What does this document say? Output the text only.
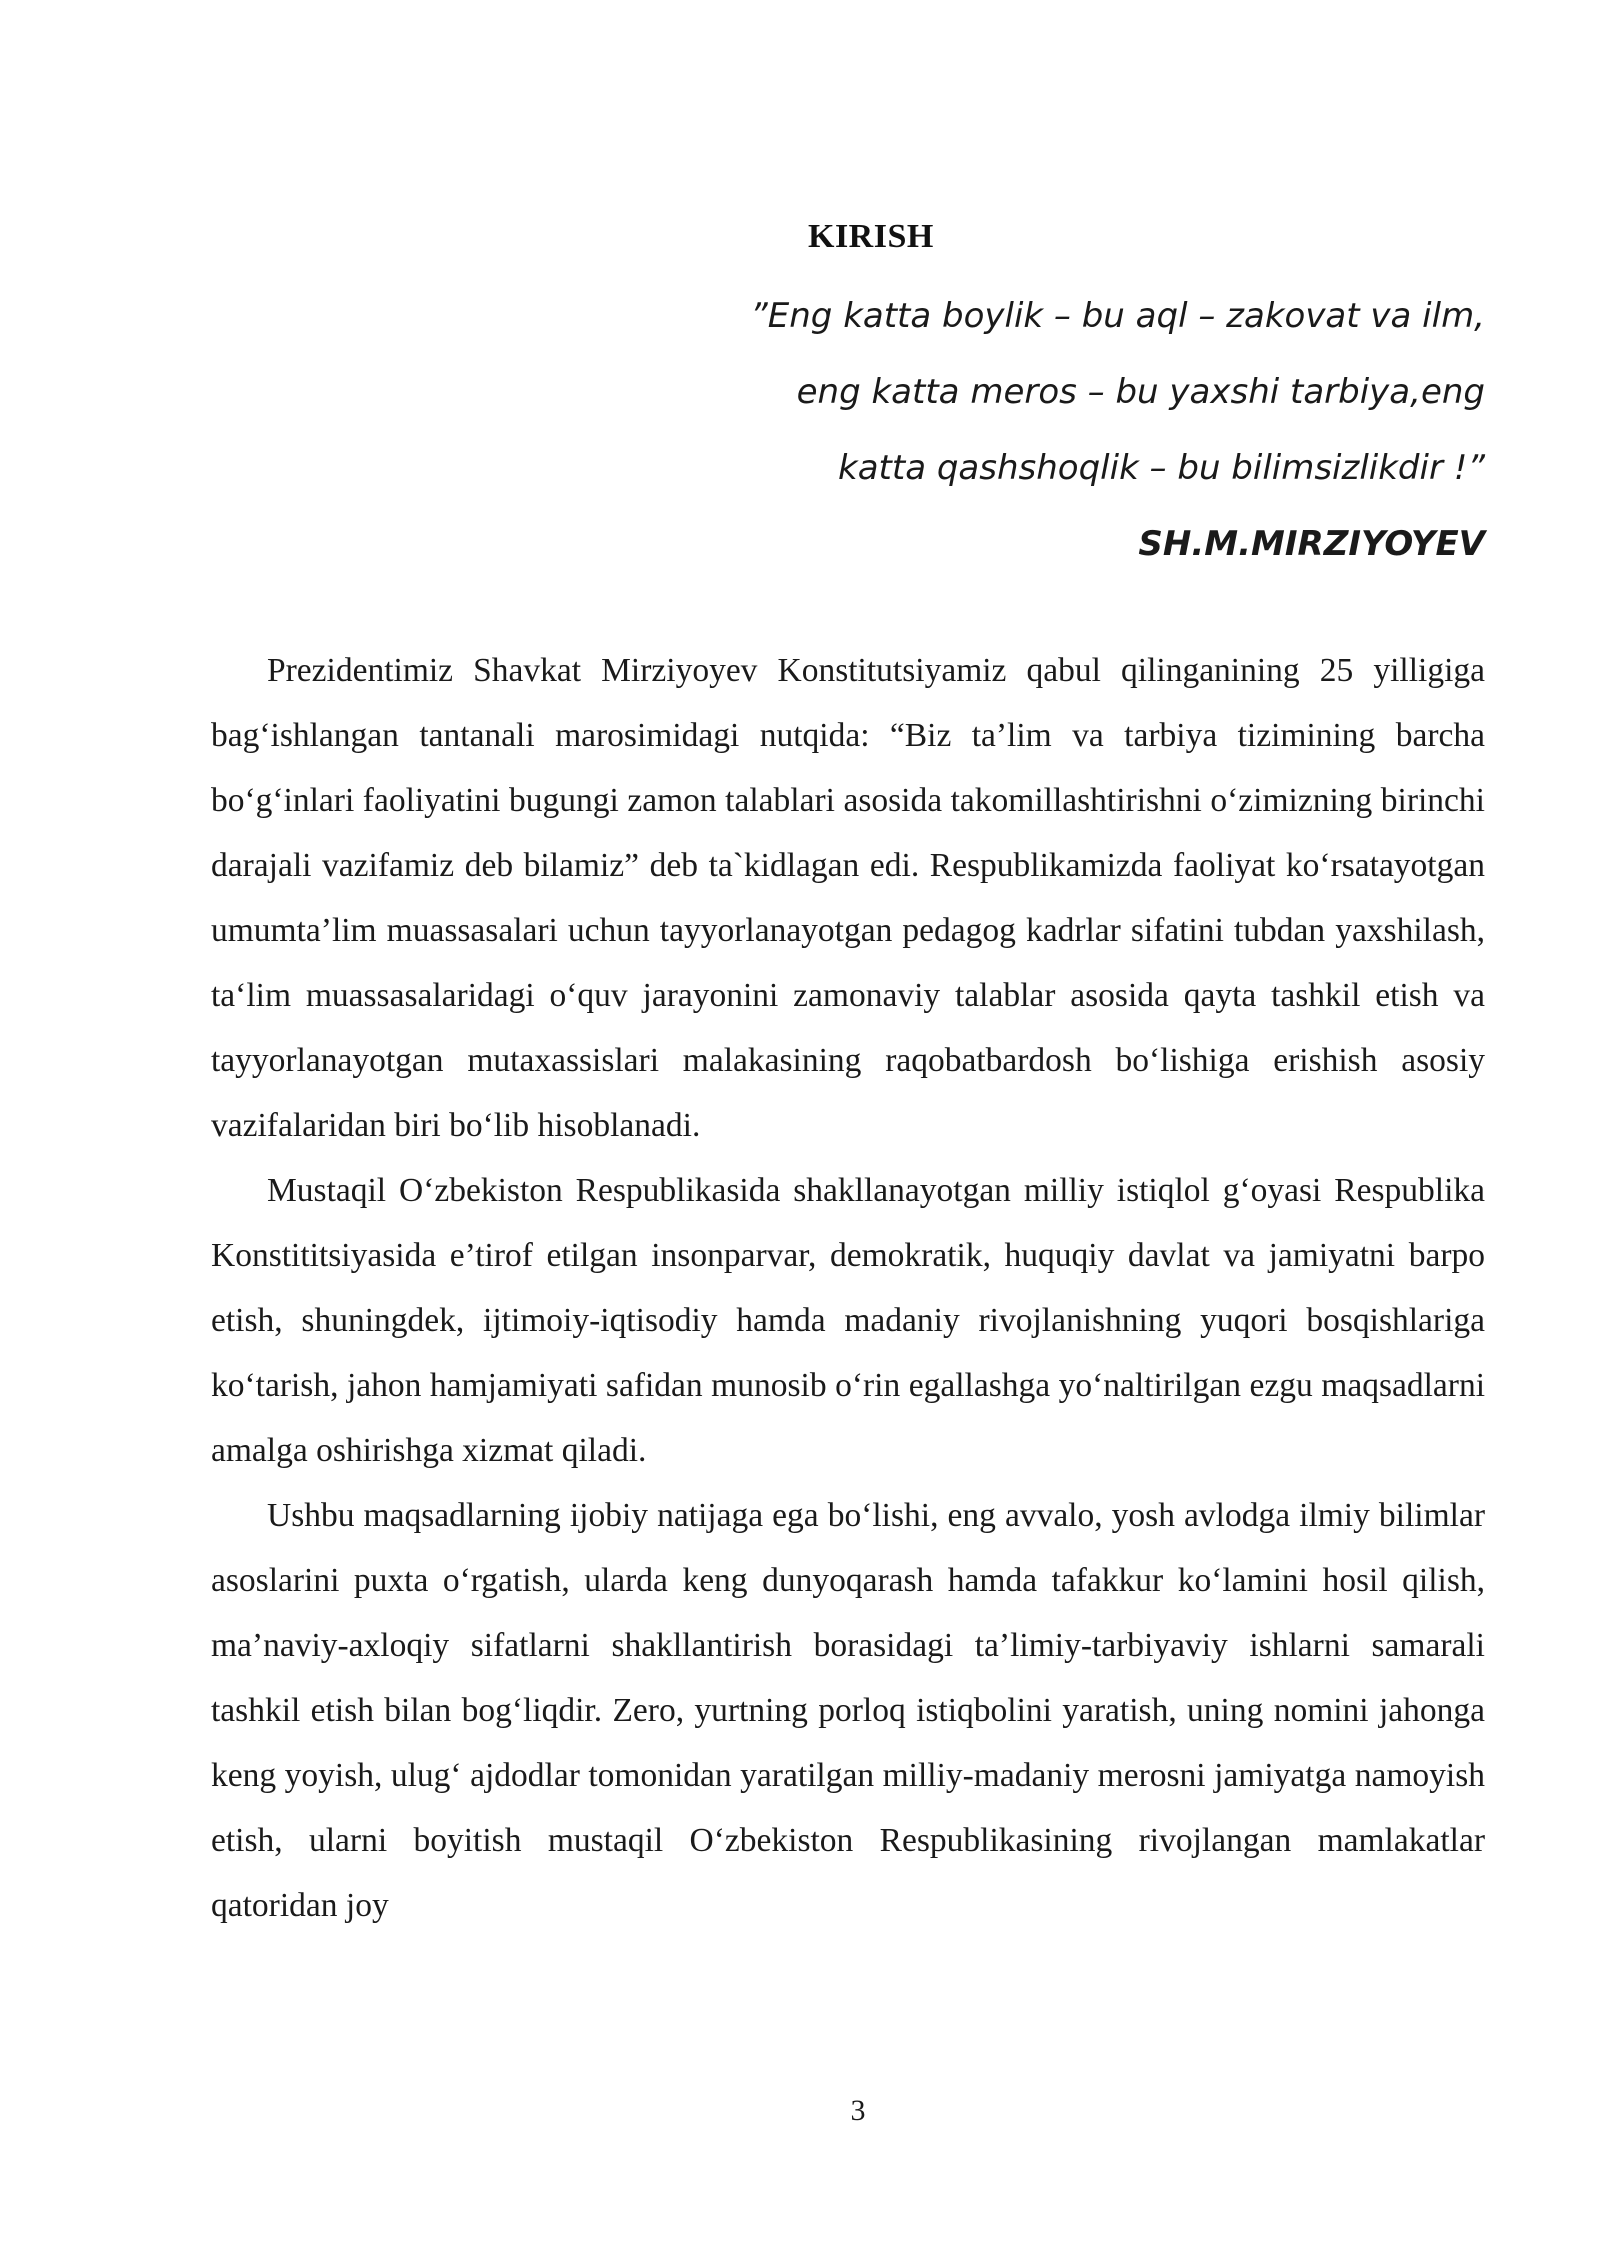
KIRISH
”Eng katta boylik – bu aql – zakovat va ilm,
eng katta meros – bu yaxshi tarbiya,eng
katta qashshoqlik – bu bilimsizlikdir !”
SH.M.MIRZIYOYEV

Prezidentimiz Shavkat Mirziyoyev Konstitutsiyamiz qabul qilinganining 25 yilligiga bag‘ishlangan tantanali marosimidagi nutqida: “Biz ta’lim va tarbiya tizimining barcha bo‘g‘inlari faoliyatini bugungi zamon talablari asosida takomillashtirishni o‘zimizning birinchi darajali vazifamiz deb bilamiz” deb ta`kidlagan edi. Respublikamizda faoliyat ko‘rsatayotgan umumta’lim muassasalari uchun tayyorlanayotgan pedagog kadrlar sifatini tubdan yaxshilash, ta‘lim muassasalaridagi o‘quv jarayonini zamonaviy talablar asosida qayta tashkil etish va tayyorlanayotgan mutaxassislari malakasining raqobatbardosh bo‘lishiga erishish asosiy vazifalaridan biri bo‘lib hisoblanadi.

Mustaqil O‘zbekiston Respublikasida shakllanayotgan milliy istiqlol g‘oyasi Respublika Konstititsiyasida e’tirof etilgan insonparvar, demokratik, huquqiy davlat va jamiyatni barpo etish, shuningdek, ijtimoiy-iqtisodiy hamda madaniy rivojlanishning yuqori bosqishlariga ko‘tarish, jahon hamjamiyati safidan munosib o‘rin egallashga yo‘naltirilgan ezgu maqsadlarni amalga oshirishga xizmat qiladi.

Ushbu maqsadlarning ijobiy natijaga ega bo‘lishi, eng avvalo, yosh avlodga ilmiy bilimlar asoslarini puxta o‘rgatish, ularda keng dunyoqarash hamda tafakkur ko‘lamini hosil qilish, ma’naviy-axloqiy sifatlarni shakllantirish borasidagi ta’limiy-tarbiyaviy ishlarni samarali tashkil etish bilan bog‘liqdir. Zero, yurtning porloq istiqbolini yaratish, uning nomini jahonga keng yoyish, ulug‘ ajdodlar tomonidan yaratilgan milliy-madaniy merosni jamiyatga namoyish etish, ularni boyitish mustaqil O‘zbekiston Respublikasining rivojlangan mamlakatlar qatoridan joy

3
